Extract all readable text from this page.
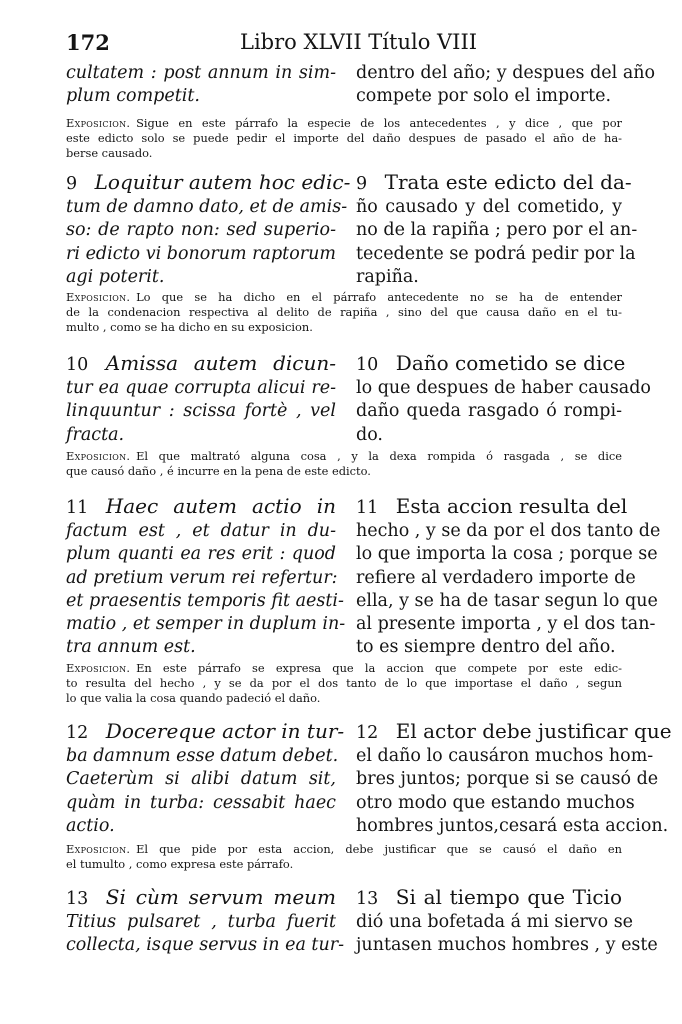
172	Libro XLVII Título VIII
cultatem : post annum in sim-
plum competit.
dentro del año; y despues del año
compete por solo el importe.
Exposicion.  Sigue en este párrafo la especie de los antecedentes , y dice , que por
este edicto solo se puede pedir el importe del daño despues de pasado el año de ha-
berse causado.
9  Loquitur autem hoc edic-
tum de damno dato, et de amis-
so: de rapto non: sed superio-
ri edicto vi bonorum raptorum
agi poterit.
9  Trata este edicto del da-
ño causado y del cometido, y
no de la rapiña ; pero por el an-
tecedente se podrá pedir por la
rapiña.
Exposicion.  Lo que se ha dicho en el párrafo antecedente no se ha de entender
de la condenacion respectiva al delito de rapiña , sino del que causa daño en el tu-
multo , como se ha dicho en su exposicion.
10  Amissa autem dicun-
tur ea quae corrupta alicui re-
linquuntur : scissa fortè , vel
fracta.
10  Daño cometido se dice
lo que despues de haber causado
daño queda rasgado ó rompi-
do.
Exposicion.  El que maltrató alguna cosa , y la dexa rompida ó rasgada , se dice
que causó daño , é incurre en la pena de este edicto.
11  Haec autem actio in
factum est , et datur in du-
plum quanti ea res erit : quod
ad pretium verum rei refertur:
et praesentis temporis fit aesti-
matio , et semper in duplum in-
tra annum est.
11  Esta accion resulta del
hecho , y se da por el dos tanto de
lo que importa la cosa ; porque se
refiere al verdadero importe de
ella, y se ha de tasar segun lo que
al presente importa , y el dos tan-
to es siempre dentro del año.
Exposicion.  En este párrafo se expresa que la accion que compete por este edic-
to resulta del hecho , y se da por el dos tanto de lo que importase el daño , segun
lo que valia la cosa quando padeció el daño.
12  Docereque actor in tur-
ba damnum esse datum debet.
Caeterùm si alibi datum sit,
quàm in turba: cessabit haec
actio.
12  El actor debe justificar que
el daño lo causáron muchos hom-
bres juntos; porque si se causó de
otro modo que estando muchos
hombres juntos,cesará esta accion.
Exposicion.  El que pide por esta accion, debe justificar que se causó el daño en
el tumulto , como expresa este párrafo.
13  Si cùm servum meum
Titius pulsaret , turba fuerit
collecta, isque servus in ea tur-
13  Si al tiempo que Ticio
dió una bofetada á mi siervo se
juntasen muchos hombres , y este
